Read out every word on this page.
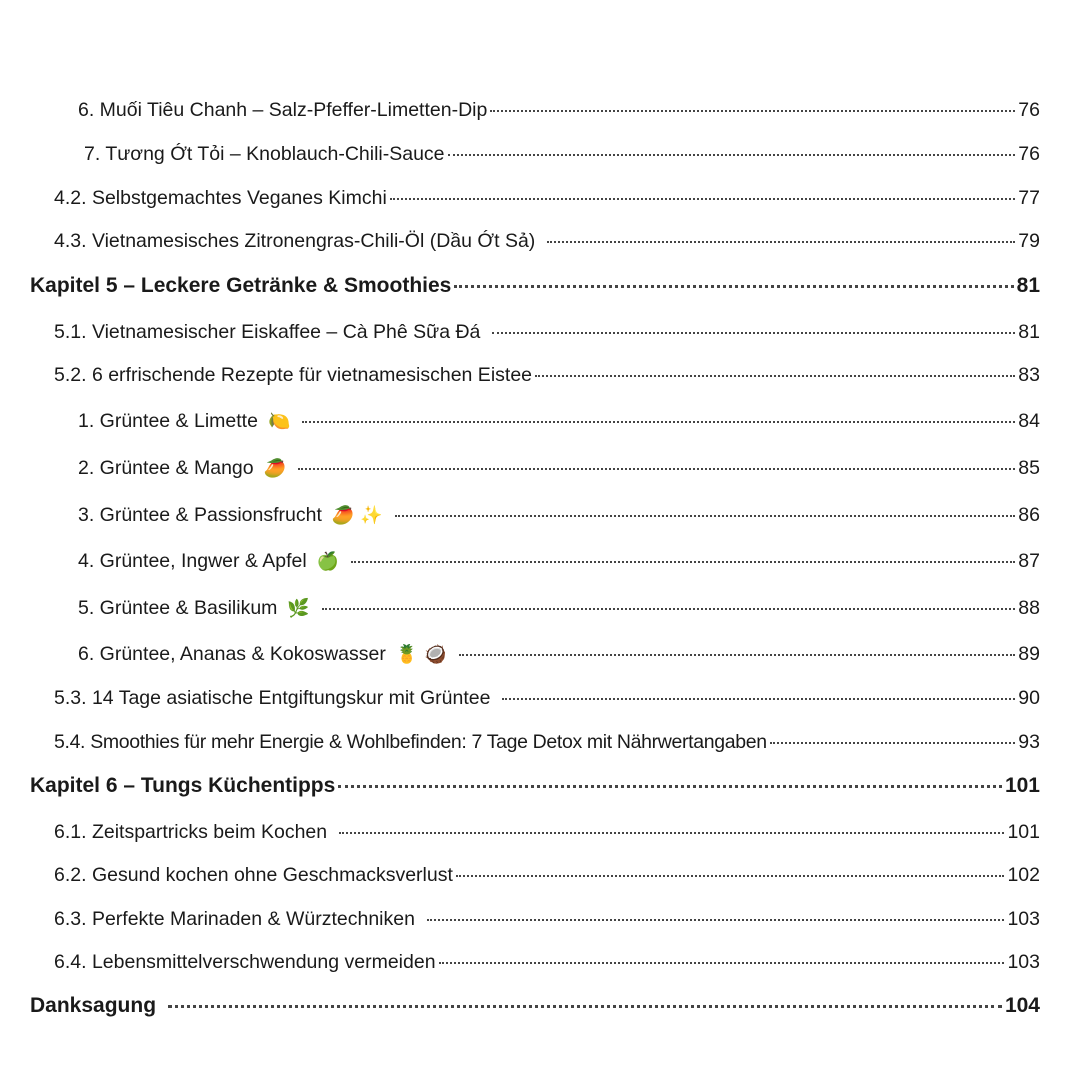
6. Muối Tiêu Chanh – Salz-Pfeffer-Limetten-Dip	76
7. Tương Ớt Tỏi – Knoblauch-Chili-Sauce	76
4.2. Selbstgemachtes Veganes Kimchi	77
4.3. Vietnamesisches Zitronengras-Chili-Öl (Dầu Ớt Sả)	79
Kapitel 5 – Leckere Getränke & Smoothies	81
5.1. Vietnamesischer Eiskaffee – Cà Phê Sữa Đá	81
5.2. 6 erfrischende Rezepte für vietnamesischen Eistee	83
1. Grüntee & Limette 🍋	84
2. Grüntee & Mango 🥭	85
3. Grüntee & Passionsfrucht 🥭 ✨	86
4. Grüntee, Ingwer & Apfel 🍏	87
5. Grüntee & Basilikum 🌿	88
6. Grüntee, Ananas & Kokoswasser 🍍 🥥	89
5.3. 14 Tage asiatische Entgiftungskur mit Grüntee	90
5.4. Smoothies für mehr Energie & Wohlbefinden: 7 Tage Detox mit Nährwertangaben	93
Kapitel 6 – Tungs Küchentipps	101
6.1. Zeitspartricks beim Kochen	101
6.2. Gesund kochen ohne Geschmacksverlust	102
6.3. Perfekte Marinaden & Würztechniken	103
6.4. Lebensmittelverschwendung vermeiden	103
Danksagung	104
